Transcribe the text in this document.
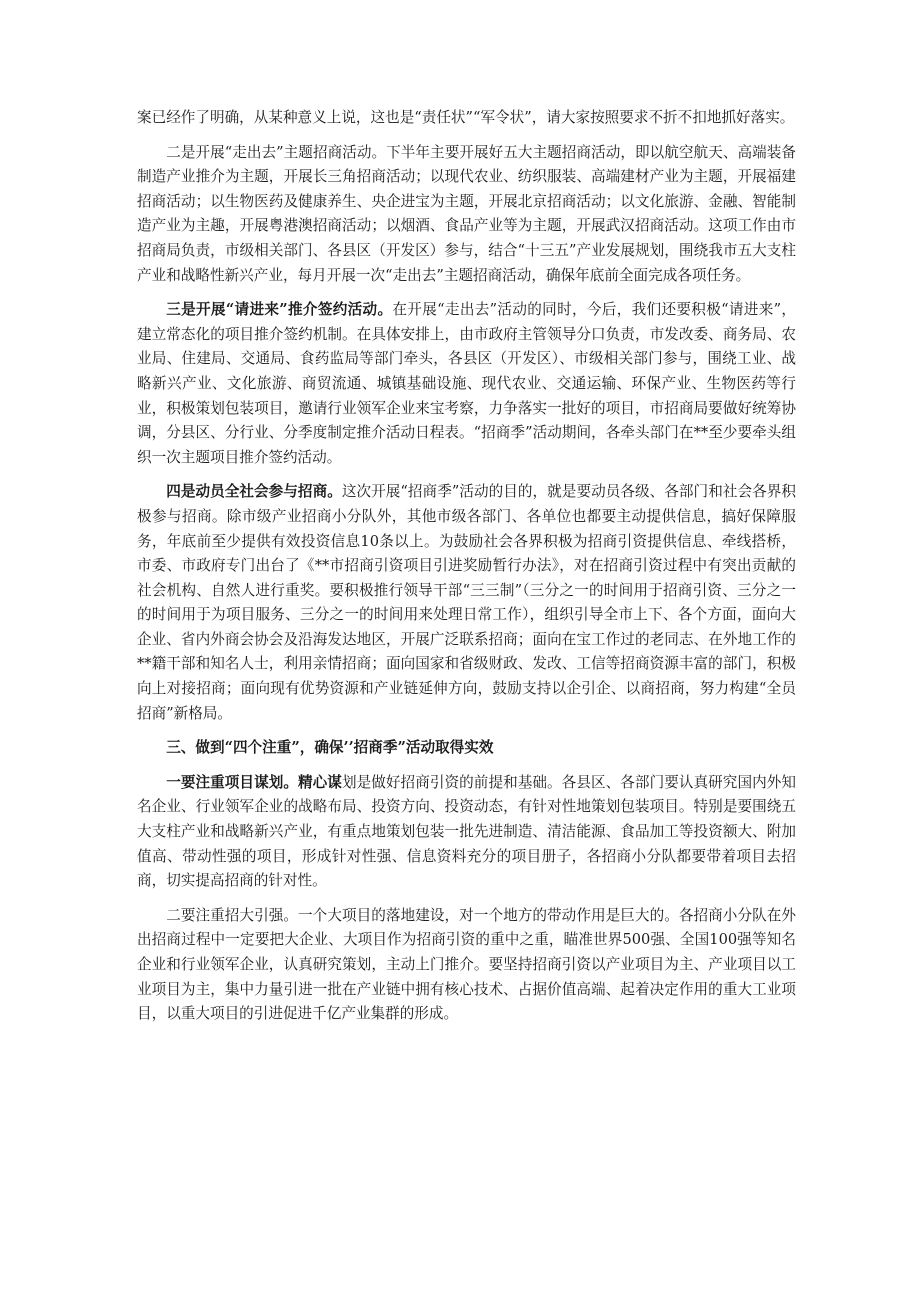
案已经作了明确，从某种意义上说，这也是“责任状”“军令状”，请大家按照要求不折不扣地抓好落实。

二是开展“走出去”主题招商活动。下半年主要开展好五大主题招商活动，即以航空航天、高端装备制造产业推介为主题，开展长三角招商活动；以现代农业、纺织服装、高端建材产业为主题，开展福建招商活动；以生物医药及健康养生、央企进宝为主题，开展北京招商活动；以文化旅游、金融、智能制造产业为主趣，开展粤港澳招商活动；以烟酒、食品产业等为主题，开展武汉招商活动。这项工作由市招商局负责，市级相关部门、各县区（开发区）参与，结合“十三五”产业发展规划，围绕我市五大支柱产业和战略性新兴产业，每月开展一次“走出去”主题招商活动，确保年底前全面完成各项任务。

三是开展“请进来”推介签约活动。在开展“走出去”活动的同时，今后，我们还要积极“请进来”，建立常态化的项目推介签约机制。在具体安排上，由市政府主管领导分口负责，市发改委、商务局、农业局、住建局、交通局、食药监局等部门牵头，各县区（开发区）、市级相关部门参与，围绕工业、战略新兴产业、文化旅游、商贸流通、城镇基础设施、现代农业、交通运输、环保产业、生物医药等行业，积极策划包装项目，邀请行业领军企业来宝考察，力争落实一批好的项目，市招商局要做好统筹协调，分县区、分行业、分季度制定推介活动日程表。“招商季”活动期间，各牵头部门在**至少要牵头组织一次主题项目推介签约活动。

四是动员全社会参与招商。这次开展“招商季”活动的目的，就是要动员各级、各部门和社会各界积极参与招商。除市级产业招商小分队外，其他市级各部门、各单位也都要主动提供信息，搞好保障服务，年底前至少提供有效投资信息10条以上。为鼓励社会各界积极为招商引资提供信息、牵线搭桥，市委、市政府专门出台了《**市招商引资项目引进奖励暂行办法》，对在招商引资过程中有突出贡献的社会机构、自然人进行重奖。要积极推行领导干部“三三制”（三分之一的时间用于招商引资、三分之一的时间用于为项目服务、三分之一的时间用来处理日常工作），组织引导全市上下、各个方面，面向大企业、省内外商会协会及沿海发达地区，开展广泛联系招商；面向在宝工作过的老同志、在外地工作的**籍干部和知名人士，利用亲情招商；面向国家和省级财政、发改、工信等招商资源丰富的部门，积极向上对接招商；面向现有优势资源和产业链延伸方向，鼓励支持以企引企、以商招商，努力构建“全员招商”新格局。

三、做到“四个注重”，确保’’招商季”活动取得实效

一要注重项目谋划。精心谋划是做好招商引资的前提和基础。各县区、各部门要认真研究国内外知名企业、行业领军企业的战略布局、投资方向、投资动态，有针对性地策划包装项目。特别是要围绕五大支柱产业和战略新兴产业，有重点地策划包装一批先进制造、清洁能源、食品加工等投资额大、附加值高、带动性强的项目，形成针对性强、信息资料充分的项目册子，各招商小分队都要带着项目去招商，切实提高招商的针对性。

二要注重招大引强。一个大项目的落地建设，对一个地方的带动作用是巨大的。各招商小分队在外出招商过程中一定要把大企业、大项目作为招商引资的重中之重，瞄准世界500强、全国100强等知名企业和行业领军企业，认真研究策划，主动上门推介。要坚持招商引资以产业项目为主、产业项目以工业项目为主，集中力量引进一批在产业链中拥有核心技术、占据价值高端、起着决定作用的重大工业项目，以重大项目的引进促进千亿产业集群的形成。
